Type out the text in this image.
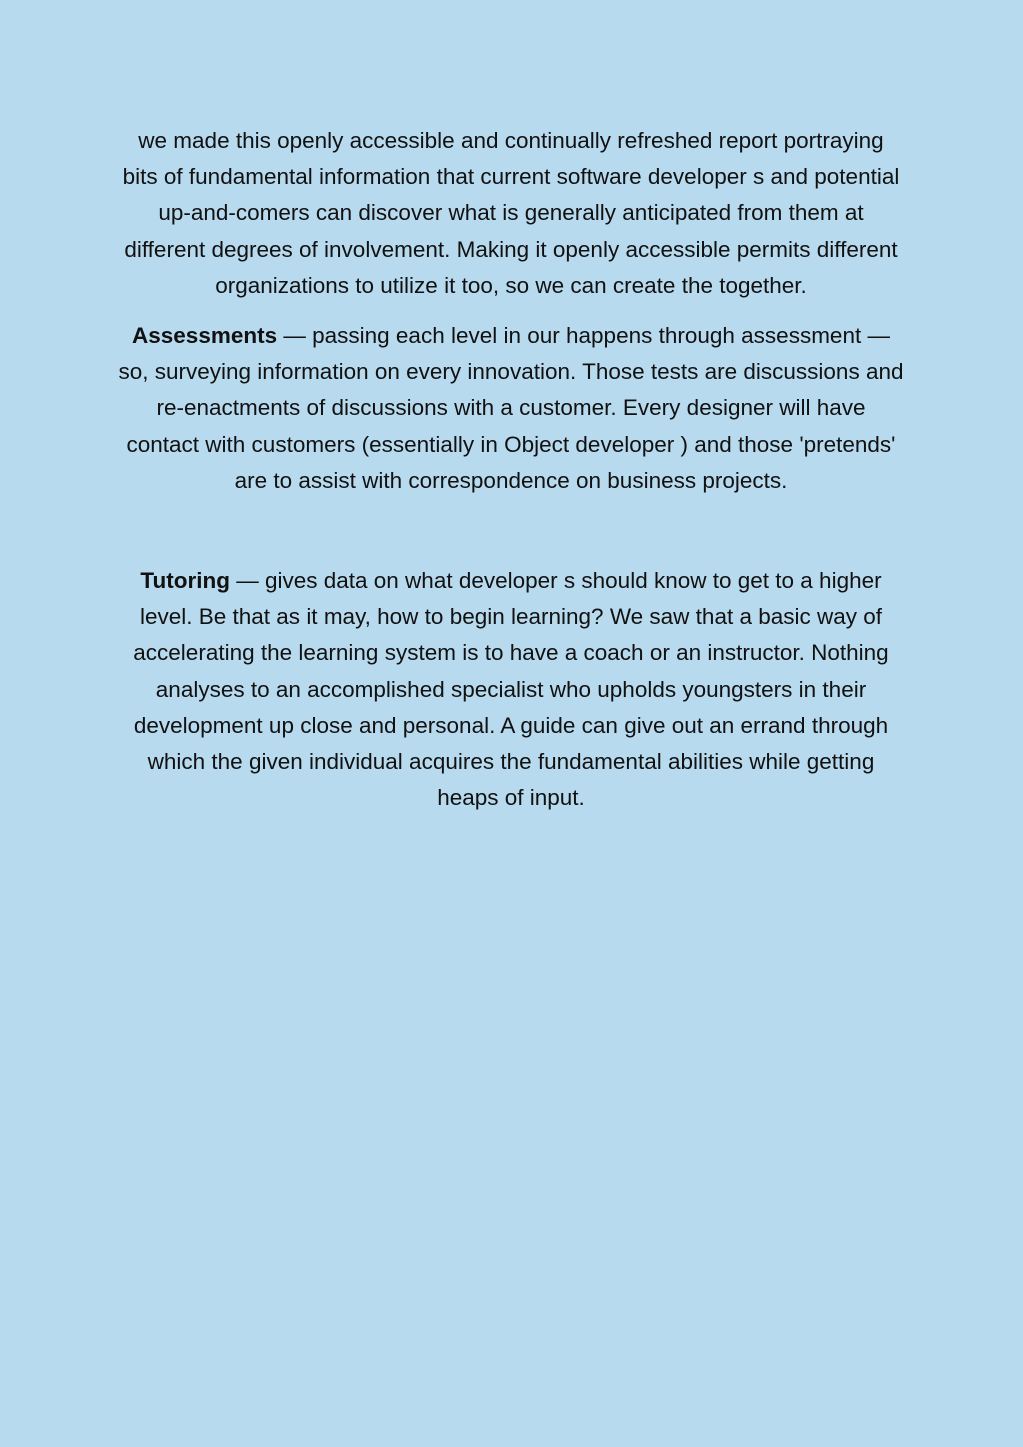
we made this openly accessible and continually refreshed report portraying bits of fundamental information that current software developer s and potential up-and-comers can discover what is generally anticipated from them at different degrees of involvement. Making it openly accessible permits different organizations to utilize it too, so we can create the together.

Assessments — passing each level in our happens through assessment — so, surveying information on every innovation. Those tests are discussions and re-enactments of discussions with a customer. Every designer will have contact with customers (essentially in Object developer ) and those 'pretends' are to assist with correspondence on business projects.

Tutoring — gives data on what developer s should know to get to a higher level. Be that as it may, how to begin learning? We saw that a basic way of accelerating the learning system is to have a coach or an instructor. Nothing analyses to an accomplished specialist who upholds youngsters in their development up close and personal. A guide can give out an errand through which the given individual acquires the fundamental abilities while getting heaps of input.
